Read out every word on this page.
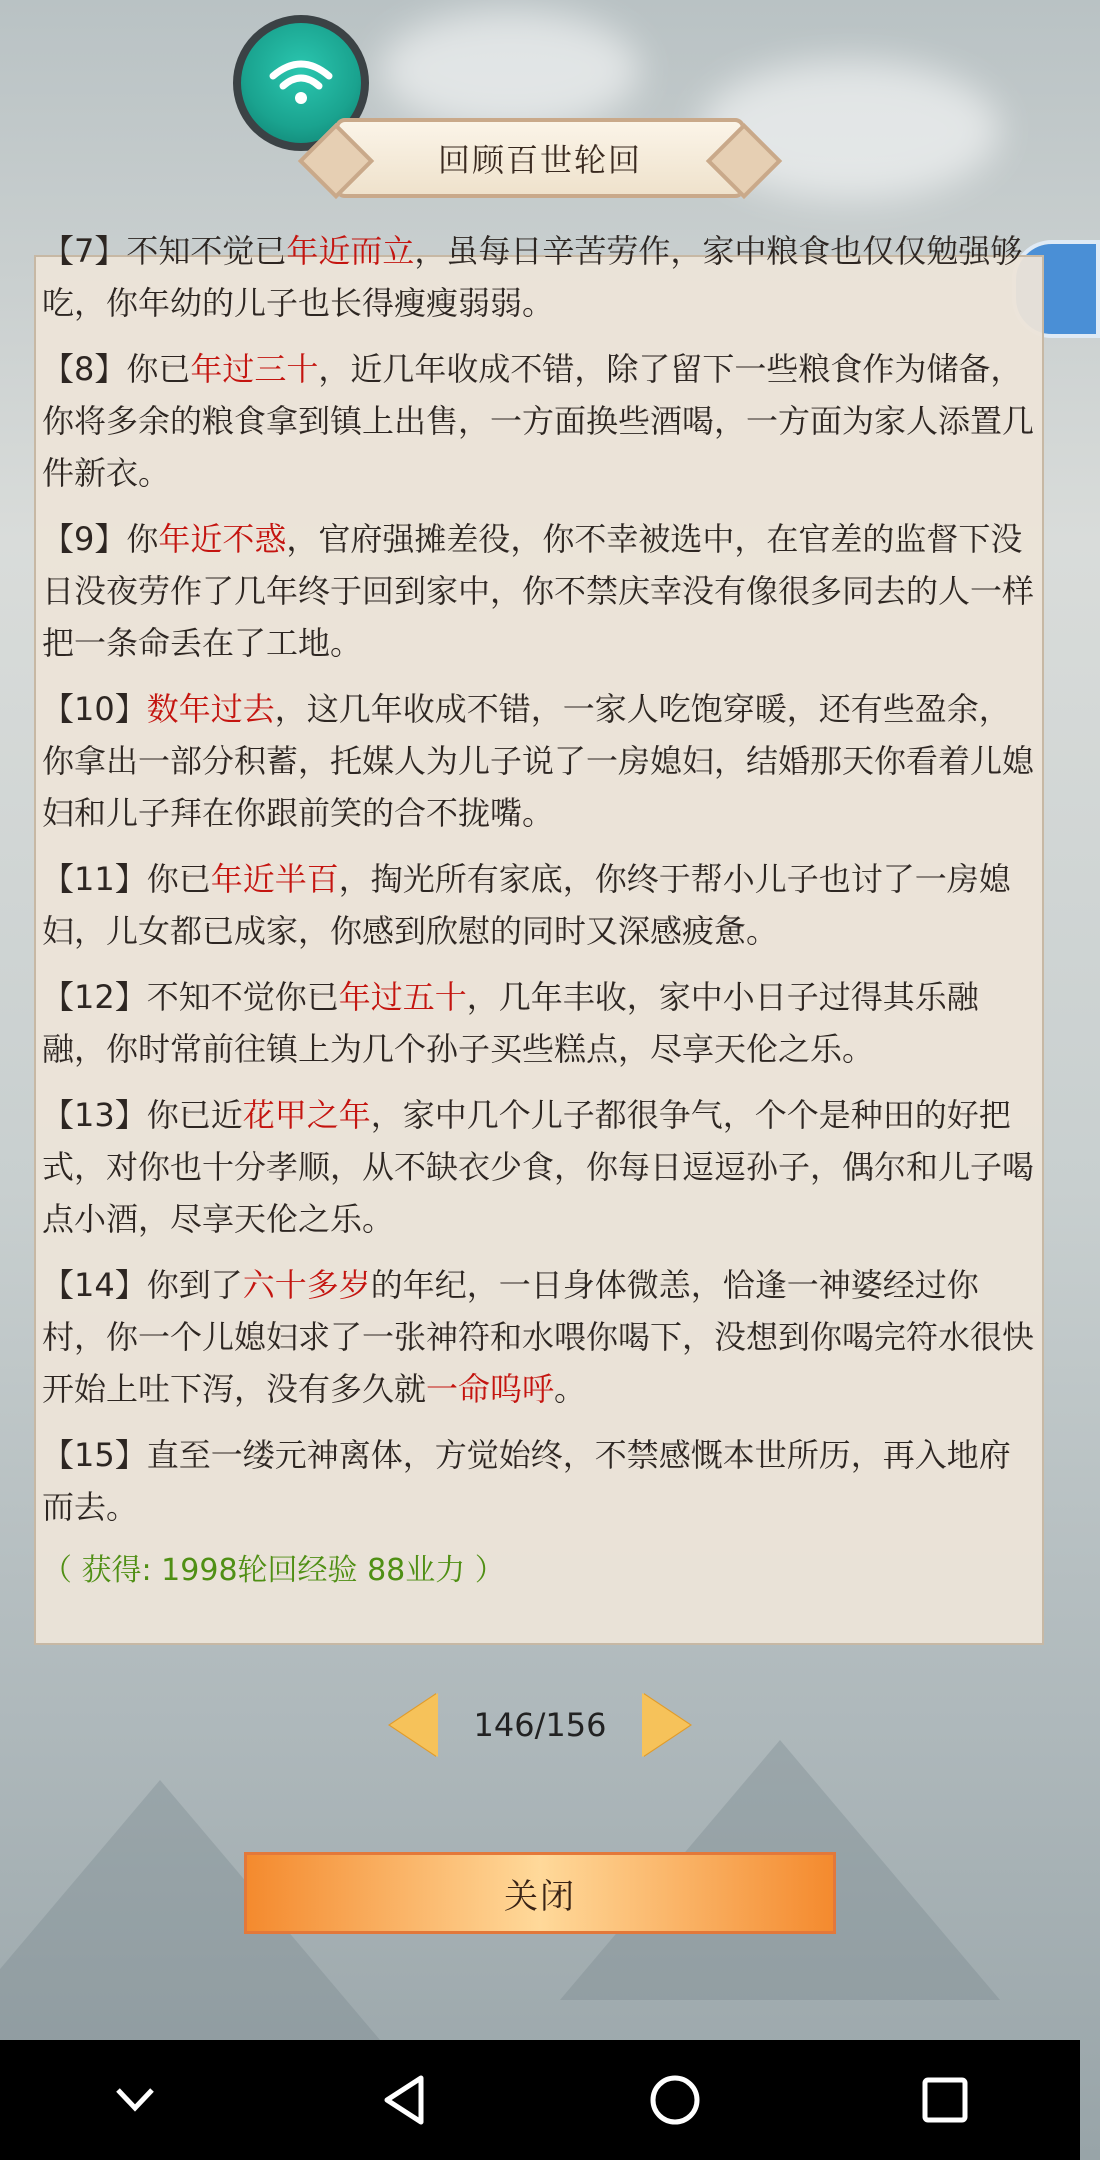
回顾百世轮回
【7】不知不觉已年近而立，虽每日辛苦劳作，家中粮食也仅仅勉强够吃，你年幼的儿子也长得瘦瘦弱弱。
【8】你已年过三十，近几年收成不错，除了留下一些粮食作为储备，你将多余的粮食拿到镇上出售，一方面换些酒喝，一方面为家人添置几件新衣。
【9】你年近不惑，官府强摊差役，你不幸被选中，在官差的监督下没日没夜劳作了几年终于回到家中，你不禁庆幸没有像很多同去的人一样把一条命丢在了工地。
【10】数年过去，这几年收成不错，一家人吃饱穿暖，还有些盈余，你拿出一部分积蓄，托媒人为儿子说了一房媳妇，结婚那天你看着儿媳妇和儿子拜在你跟前笑的合不拢嘴。
【11】你已年近半百，掏光所有家底，你终于帮小儿子也讨了一房媳妇，儿女都已成家，你感到欣慰的同时又深感疲惫。
【12】不知不觉你已年过五十，几年丰收，家中小日子过得其乐融融，你时常前往镇上为几个孙子买些糕点，尽享天伦之乐。
【13】你已近花甲之年，家中几个儿子都很争气，个个是种田的好把式，对你也十分孝顺，从不缺衣少食，你每日逗逗孙子，偶尔和儿子喝点小酒，尽享天伦之乐。
【14】你到了六十多岁的年纪，一日身体微恙，恰逢一神婆经过你村，你一个儿媳妇求了一张神符和水喂你喝下，没想到你喝完符水很快开始上吐下泻，没有多久就一命呜呼。
【15】直至一缕元神离体，方觉始终，不禁感慨本世所历，再入地府而去。
（ 获得: 1998轮回经验 88业力 ）
146/156
关闭
